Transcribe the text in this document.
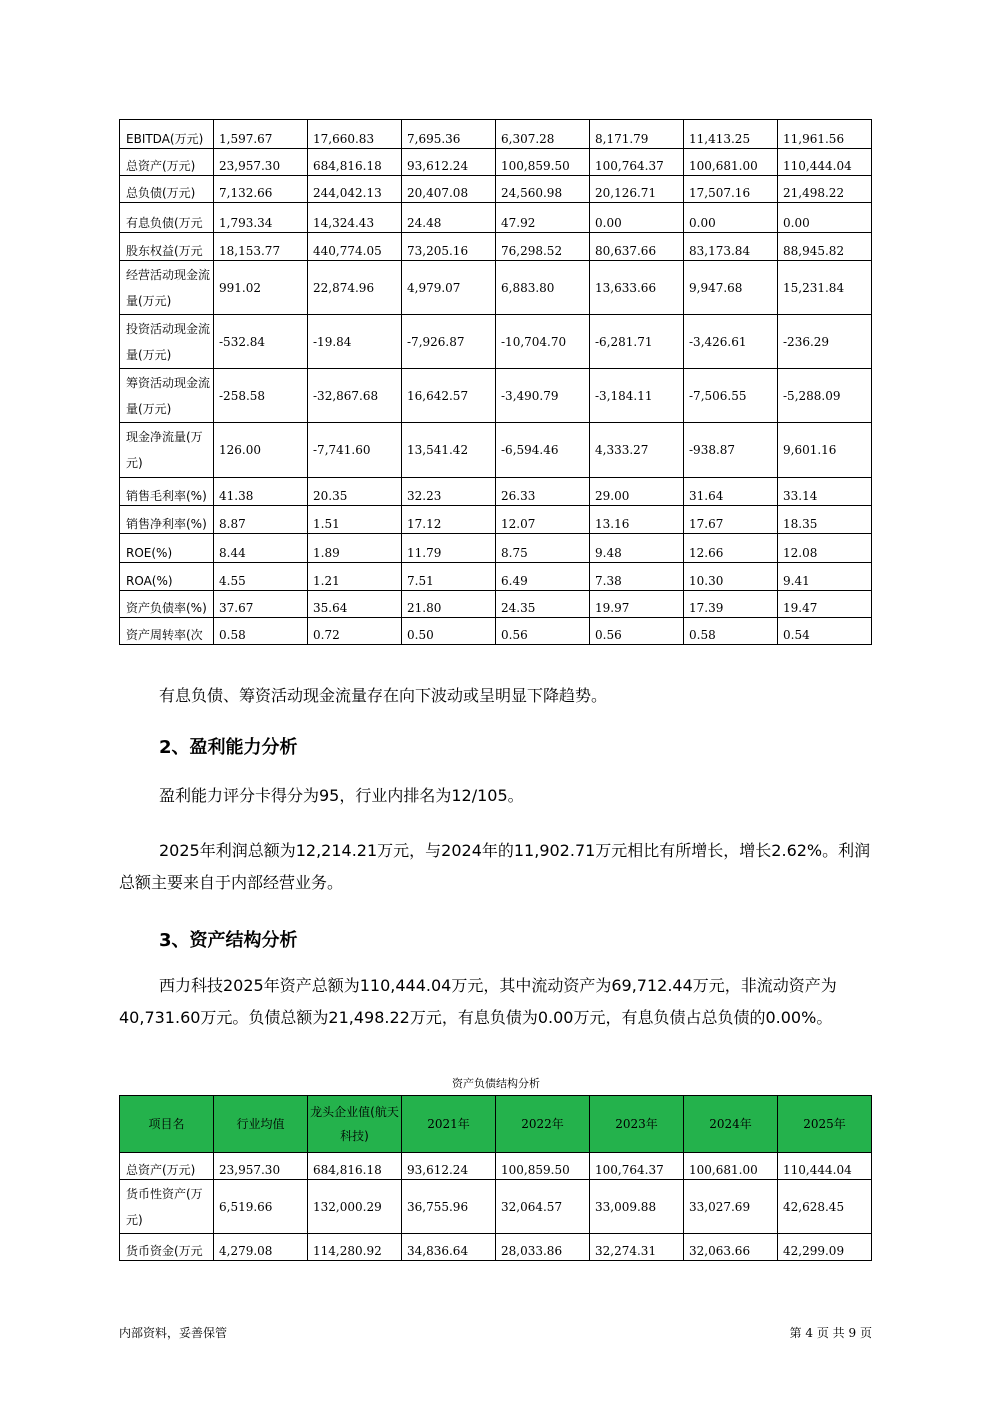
EBITDA(万元)	1,597.67	17,660.83	7,695.36	6,307.28	8,171.79	11,413.25	11,961.56
总资产(万元)	23,957.30	684,816.18	93,612.24	100,859.50	100,764.37	100,681.00	110,444.04
总负债(万元)	7,132.66	244,042.13	20,407.08	24,560.98	20,126.71	17,507.16	21,498.22
有息负债(万元	1,793.34	14,324.43	24.48	47.92	0.00	0.00	0.00
股东权益(万元	18,153.77	440,774.05	73,205.16	76,298.52	80,637.66	83,173.84	88,945.82
经营活动现金流量(万元)	991.02	22,874.96	4,979.07	6,883.80	13,633.66	9,947.68	15,231.84
投资活动现金流量(万元)	-532.84	-19.84	-7,926.87	-10,704.70	-6,281.71	-3,426.61	-236.29
筹资活动现金流量(万元)	-258.58	-32,867.68	16,642.57	-3,490.79	-3,184.11	-7,506.55	-5,288.09
现金净流量(万元)	126.00	-7,741.60	13,541.42	-6,594.46	4,333.27	-938.87	9,601.16
销售毛利率(%)	41.38	20.35	32.23	26.33	29.00	31.64	33.14
销售净利率(%)	8.87	1.51	17.12	12.07	13.16	17.67	18.35
ROE(%)	8.44	1.89	11.79	8.75	9.48	12.66	12.08
ROA(%)	4.55	1.21	7.51	6.49	7.38	10.30	9.41
资产负债率(%)	37.67	35.64	21.80	24.35	19.97	17.39	19.47
资产周转率(次	0.58	0.72	0.50	0.56	0.56	0.58	0.54
有息负债、筹资活动现金流量存在向下波动或呈明显下降趋势。
2、盈利能力分析
盈利能力评分卡得分为95，行业内排名为12/105。
2025年利润总额为12,214.21万元，与2024年的11,902.71万元相比有所增长，增长2.62%。利润总额主要来自于内部经营业务。
3、资产结构分析
西力科技2025年资产总额为110,444.04万元，其中流动资产为69,712.44万元，非流动资产为40,731.60万元。负债总额为21,498.22万元，有息负债为0.00万元，有息负债占总负债的0.00%。
资产负债结构分析
项目名	行业均值	龙头企业值(航天科技)	2021年	2022年	2023年	2024年	2025年
总资产(万元)	23,957.30	684,816.18	93,612.24	100,859.50	100,764.37	100,681.00	110,444.04
货币性资产(万元)	6,519.66	132,000.29	36,755.96	32,064.57	33,009.88	33,027.69	42,628.45
货币资金(万元	4,279.08	114,280.92	34,836.64	28,033.86	32,274.31	32,063.66	42,299.09
内部资料，妥善保管	第 4 页 共 9 页
